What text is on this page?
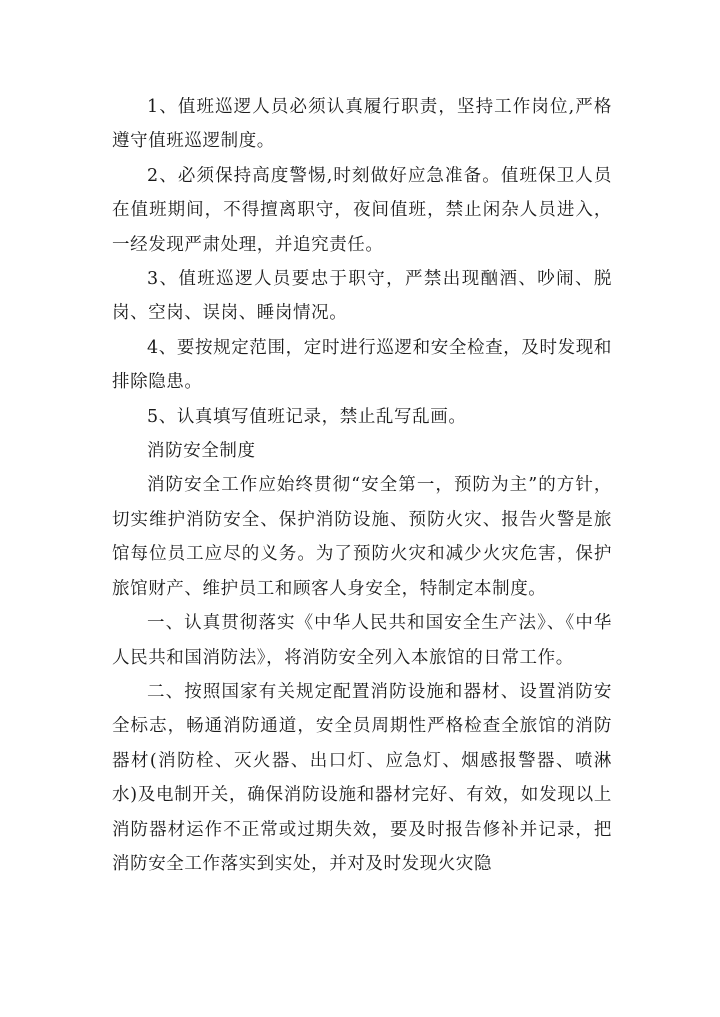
1、值班巡逻人员必须认真履行职责，坚持工作岗位,严格遵守值班巡逻制度。

2、必须保持高度警惕,时刻做好应急准备。值班保卫人员在值班期间，不得擅离职守，夜间值班，禁止闲杂人员进入，一经发现严肃处理，并追究责任。

3、值班巡逻人员要忠于职守，严禁出现酗酒、吵闹、脱岗、空岗、误岗、睡岗情况。

4、要按规定范围，定时进行巡逻和安全检查，及时发现和排除隐患。

5、认真填写值班记录，禁止乱写乱画。

消防安全制度

消防安全工作应始终贯彻“安全第一，预防为主”的方针，切实维护消防安全、保护消防设施、预防火灾、报告火警是旅馆每位员工应尽的义务。为了预防火灾和减少火灾危害，保护旅馆财产、维护员工和顾客人身安全，特制定本制度。

一、认真贯彻落实《中华人民共和国安全生产法》、《中华人民共和国消防法》，将消防安全列入本旅馆的日常工作。

二、按照国家有关规定配置消防设施和器材、设置消防安全标志，畅通消防通道，安全员周期性严格检查全旅馆的消防器材(消防栓、灭火器、出口灯、应急灯、烟感报警器、喷淋水)及电制开关，确保消防设施和器材完好、有效，如发现以上消防器材运作不正常或过期失效，要及时报告修补并记录，把消防安全工作落实到实处，并对及时发现火灾隐
